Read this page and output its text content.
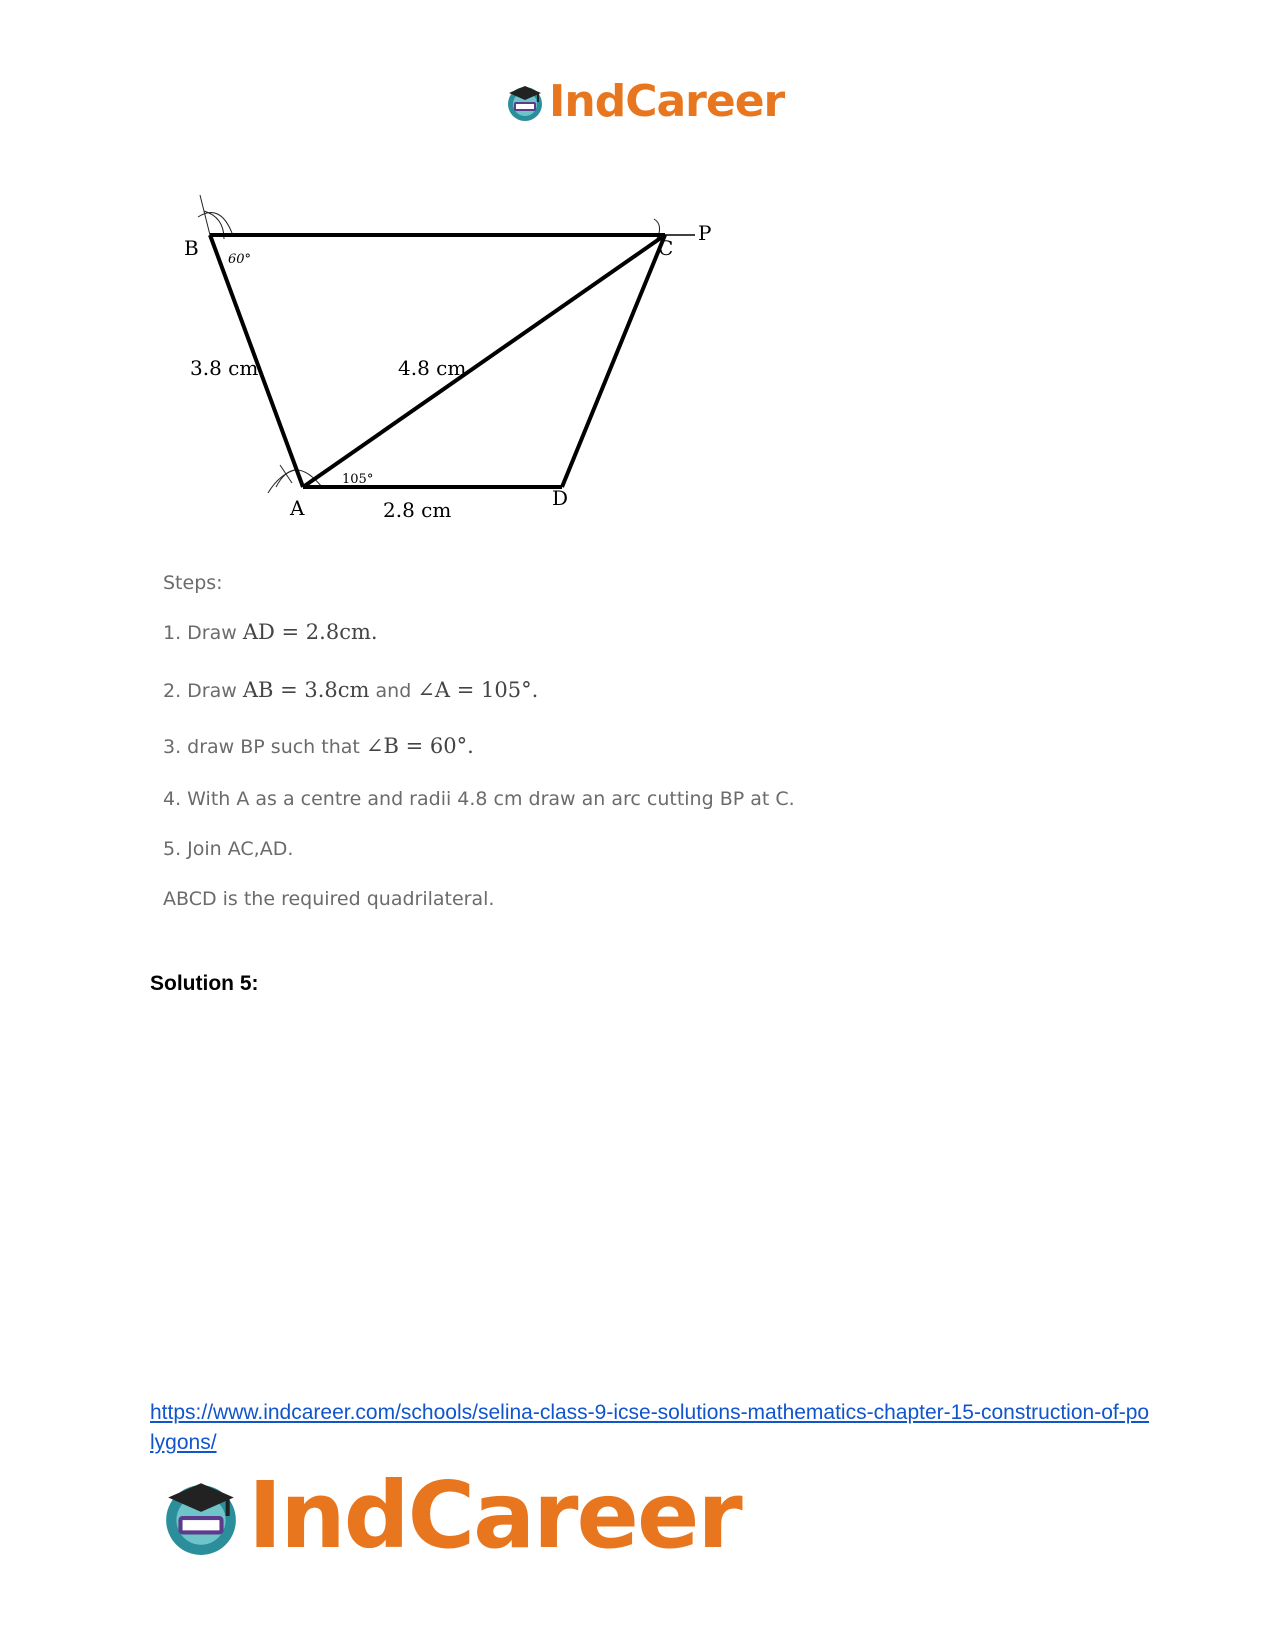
IndCareer
B	C
P
A	D
3.8 cm	4.8 cm
2.8 cm
60°
105°
Steps:
1. Draw AD = 2.8cm.
2. Draw AB = 3.8cm and ∠A = 105°.
3. draw BP such that ∠B = 60°.
4. With A as a centre and radii 4.8 cm draw an arc cutting BP at C.
5. Join AC,AD.
ABCD is the required quadrilateral.
Solution 5:
https://www.indcareer.com/schools/selina-class-9-icse-solutions-mathematics-chapter-15-construction-of-polygons/
IndCareer
